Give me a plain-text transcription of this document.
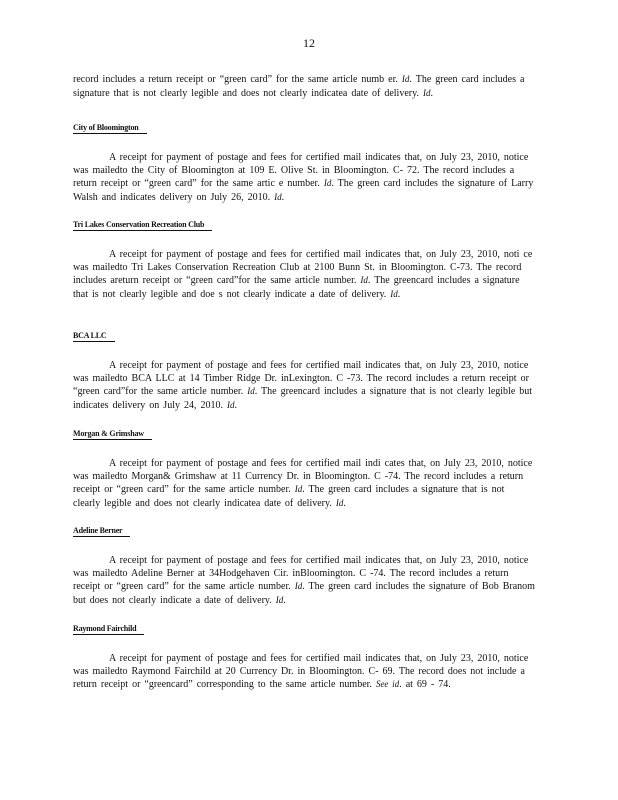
12

record includes a return receipt or “green card” for the same article numb er. Id. The green card includes a signature that is not clearly legible and does not clearly indicatea date of delivery. Id.

City of Bloomington

A receipt for payment of postage and fees for certified mail indicates that, on July 23, 2010, notice was mailedto the City of Bloomington at 109 E. Olive St. in Bloomington. C- 72. The record includes a return receipt or “green card” for the same artic e number. Id. The green card includes the signature of Larry Walsh and indicates delivery on July 26, 2010. Id.

Tri Lakes Conservation Recreation Club

A receipt for payment of postage and fees for certified mail indicates that, on July 23, 2010, noti ce was mailedto Tri Lakes Conservation Recreation Club at 2100 Bunn St. in Bloomington. C-73. The record includes areturn receipt or “green card”for the same article number. Id. The greencard includes a signature that is not clearly legible and doe s not clearly indicate a date of delivery. Id.

BCA LLC

A receipt for payment of postage and fees for certified mail indicates that, on July 23, 2010, notice was mailedto BCA LLC at 14 Timber Ridge Dr. inLexington. C -73. The record includes a return receipt or “green card”for the same article number. Id. The greencard includes a signature that is not clearly legible but indicates delivery on July 24, 2010. Id.

Morgan & Grimshaw

A receipt for payment of postage and fees for certified mail indi cates that, on July 23, 2010, notice was mailedto Morgan& Grimshaw at 11 Currency Dr. in Bloomington. C -74. The record includes a return receipt or “green card” for the same article number. Id. The green card includes a signature that is not clearly legible and does not clearly indicatea date of delivery. Id.

Adeline Berner

A receipt for payment of postage and fees for certified mail indicates that, on July 23, 2010, notice was mailedto Adeline Berner at 34Hodgehaven Cir. inBloomington. C -74. The record includes a return receipt or “green card” for the same article number. Id. The green card includes the signature of Bob Branom but does not clearly indicate a date of delivery. Id.

Raymond Fairchild

A receipt for payment of postage and fees for certified mail indicates that, on July 23, 2010, notice was mailedto Raymond Fairchild at 20 Currency Dr. in Bloomington. C- 69. The record does not include a return receipt or “greencard” corresponding to the same article number. See id. at 69 - 74.
